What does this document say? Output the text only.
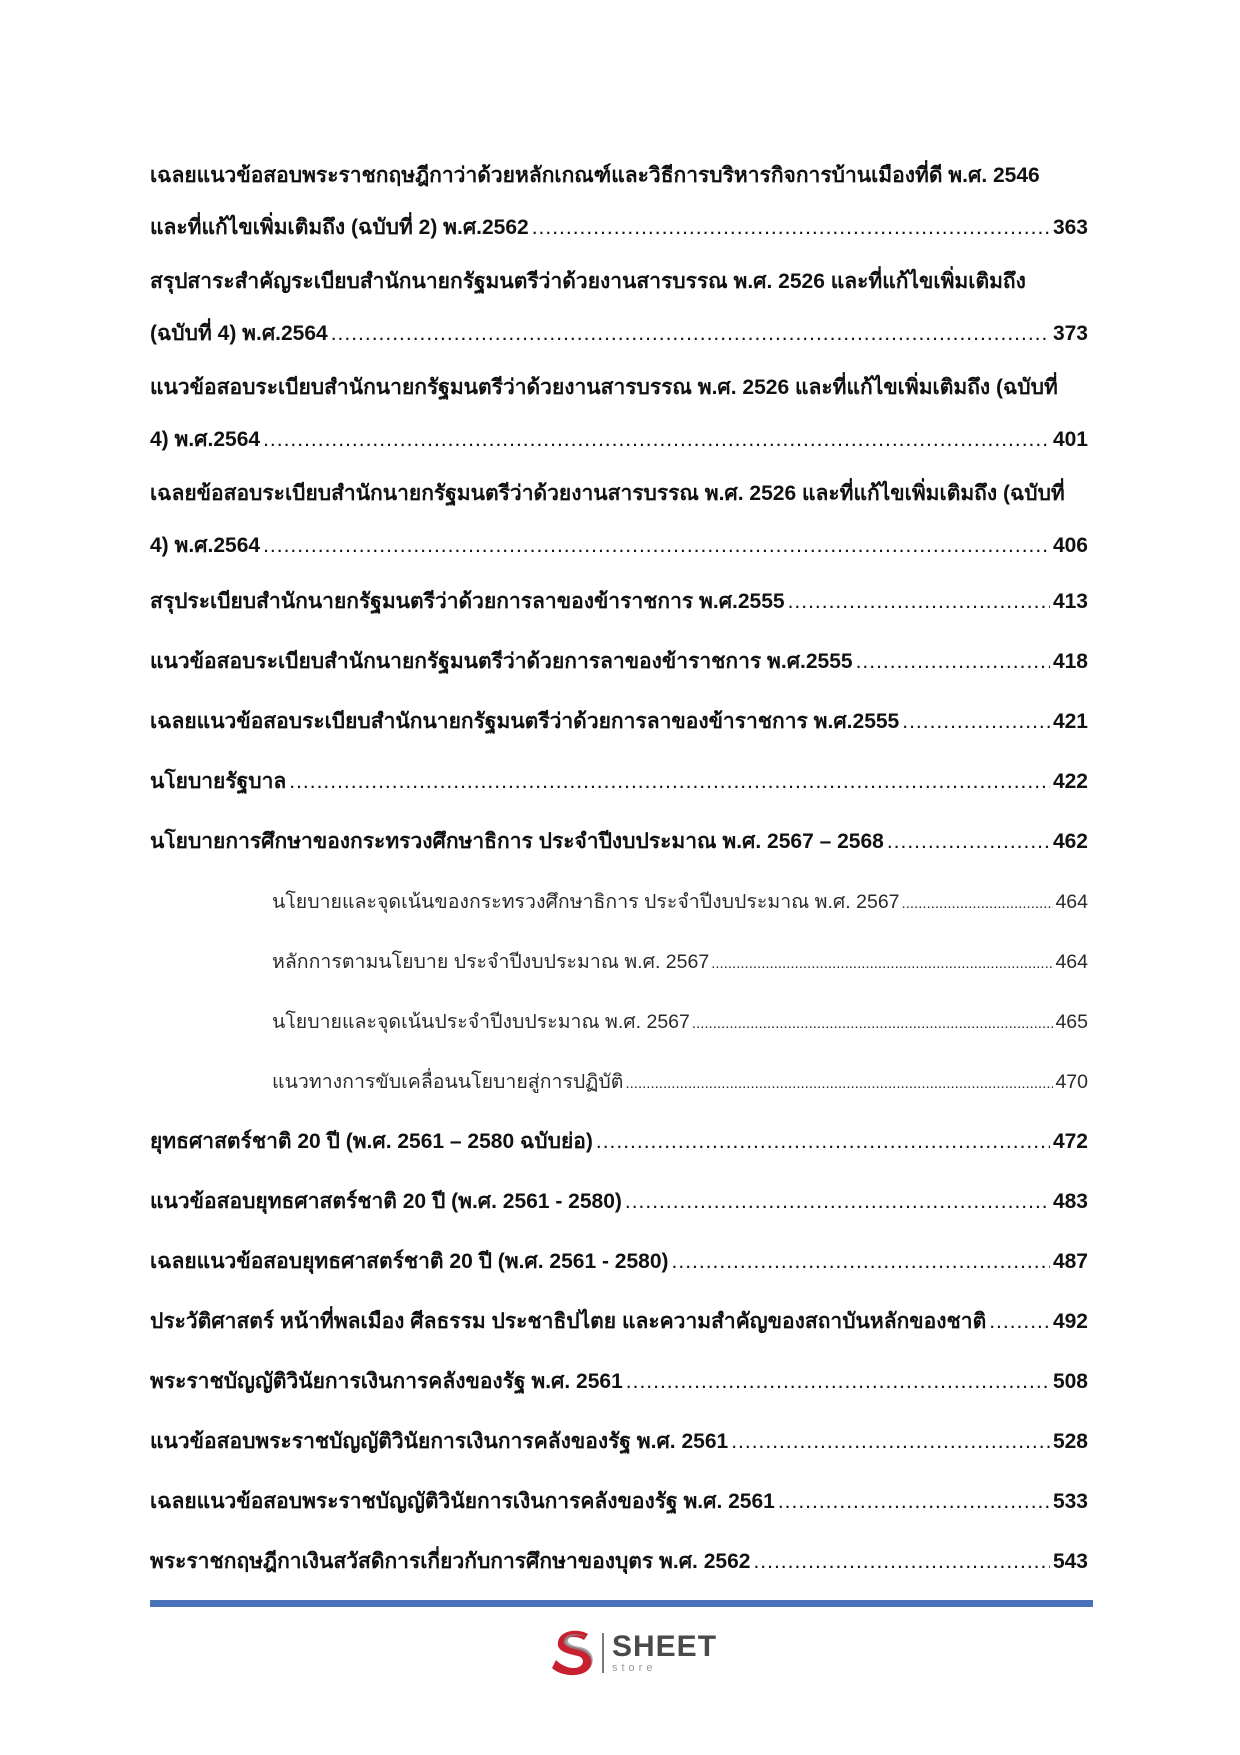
เฉลยแนวข้อสอบพระราชกฤษฎีกาว่าด้วยหลักเกณฑ์และวิธีการบริหารกิจการบ้านเมืองที่ดี พ.ศ. 2546
และที่แก้ไขเพิ่มเติมถึง (ฉบับที่ 2) พ.ศ.2562 .....	363
สรุปสาระสำคัญระเบียบสำนักนายกรัฐมนตรีว่าด้วยงานสารบรรณ พ.ศ. 2526 และที่แก้ไขเพิ่มเติมถึง
(ฉบับที่ 4) พ.ศ.2564 .....	373
แนวข้อสอบระเบียบสำนักนายกรัฐมนตรีว่าด้วยงานสารบรรณ พ.ศ. 2526 และที่แก้ไขเพิ่มเติมถึง (ฉบับที่
4) พ.ศ.2564 .....	401
เฉลยข้อสอบระเบียบสำนักนายกรัฐมนตรีว่าด้วยงานสารบรรณ พ.ศ. 2526 และที่แก้ไขเพิ่มเติมถึง (ฉบับที่
4) พ.ศ.2564 .....	406
สรุประเบียบสำนักนายกรัฐมนตรีว่าด้วยการลาของข้าราชการ พ.ศ.2555 .....	413
แนวข้อสอบระเบียบสำนักนายกรัฐมนตรีว่าด้วยการลาของข้าราชการ พ.ศ.2555 .....	418
เฉลยแนวข้อสอบระเบียบสำนักนายกรัฐมนตรีว่าด้วยการลาของข้าราชการ พ.ศ.2555 .....	421
นโยบายรัฐบาล .....	422
นโยบายการศึกษาของกระทรวงศึกษาธิการ ประจำปีงบประมาณ พ.ศ. 2567 – 2568 .....	462
นโยบายและจุดเน้นของกระทรวงศึกษาธิการ ประจำปีงบประมาณ พ.ศ. 2567 .....	464
หลักการตามนโยบาย ประจำปีงบประมาณ พ.ศ. 2567 .....	464
นโยบายและจุดเน้นประจำปีงบประมาณ พ.ศ. 2567 .....	465
แนวทางการขับเคลื่อนนโยบายสู่การปฏิบัติ .....	470
ยุทธศาสตร์ชาติ 20 ปี (พ.ศ. 2561 – 2580 ฉบับย่อ) .....	472
แนวข้อสอบยุทธศาสตร์ชาติ 20 ปี (พ.ศ. 2561 - 2580) .....	483
เฉลยแนวข้อสอบยุทธศาสตร์ชาติ 20 ปี (พ.ศ. 2561 - 2580) .....	487
ประวัติศาสตร์ หน้าที่พลเมือง ศีลธรรม ประชาธิปไตย และความสำคัญของสถาบันหลักของชาติ .....	492
พระราชบัญญัติวินัยการเงินการคลังของรัฐ พ.ศ. 2561 .....	508
แนวข้อสอบพระราชบัญญัติวินัยการเงินการคลังของรัฐ พ.ศ. 2561 .....	528
เฉลยแนวข้อสอบพระราชบัญญัติวินัยการเงินการคลังของรัฐ พ.ศ. 2561 .....	533
พระราชกฤษฎีกาเงินสวัสดิการเกี่ยวกับการศึกษาของบุตร พ.ศ. 2562 .....	543
SHEET
store
